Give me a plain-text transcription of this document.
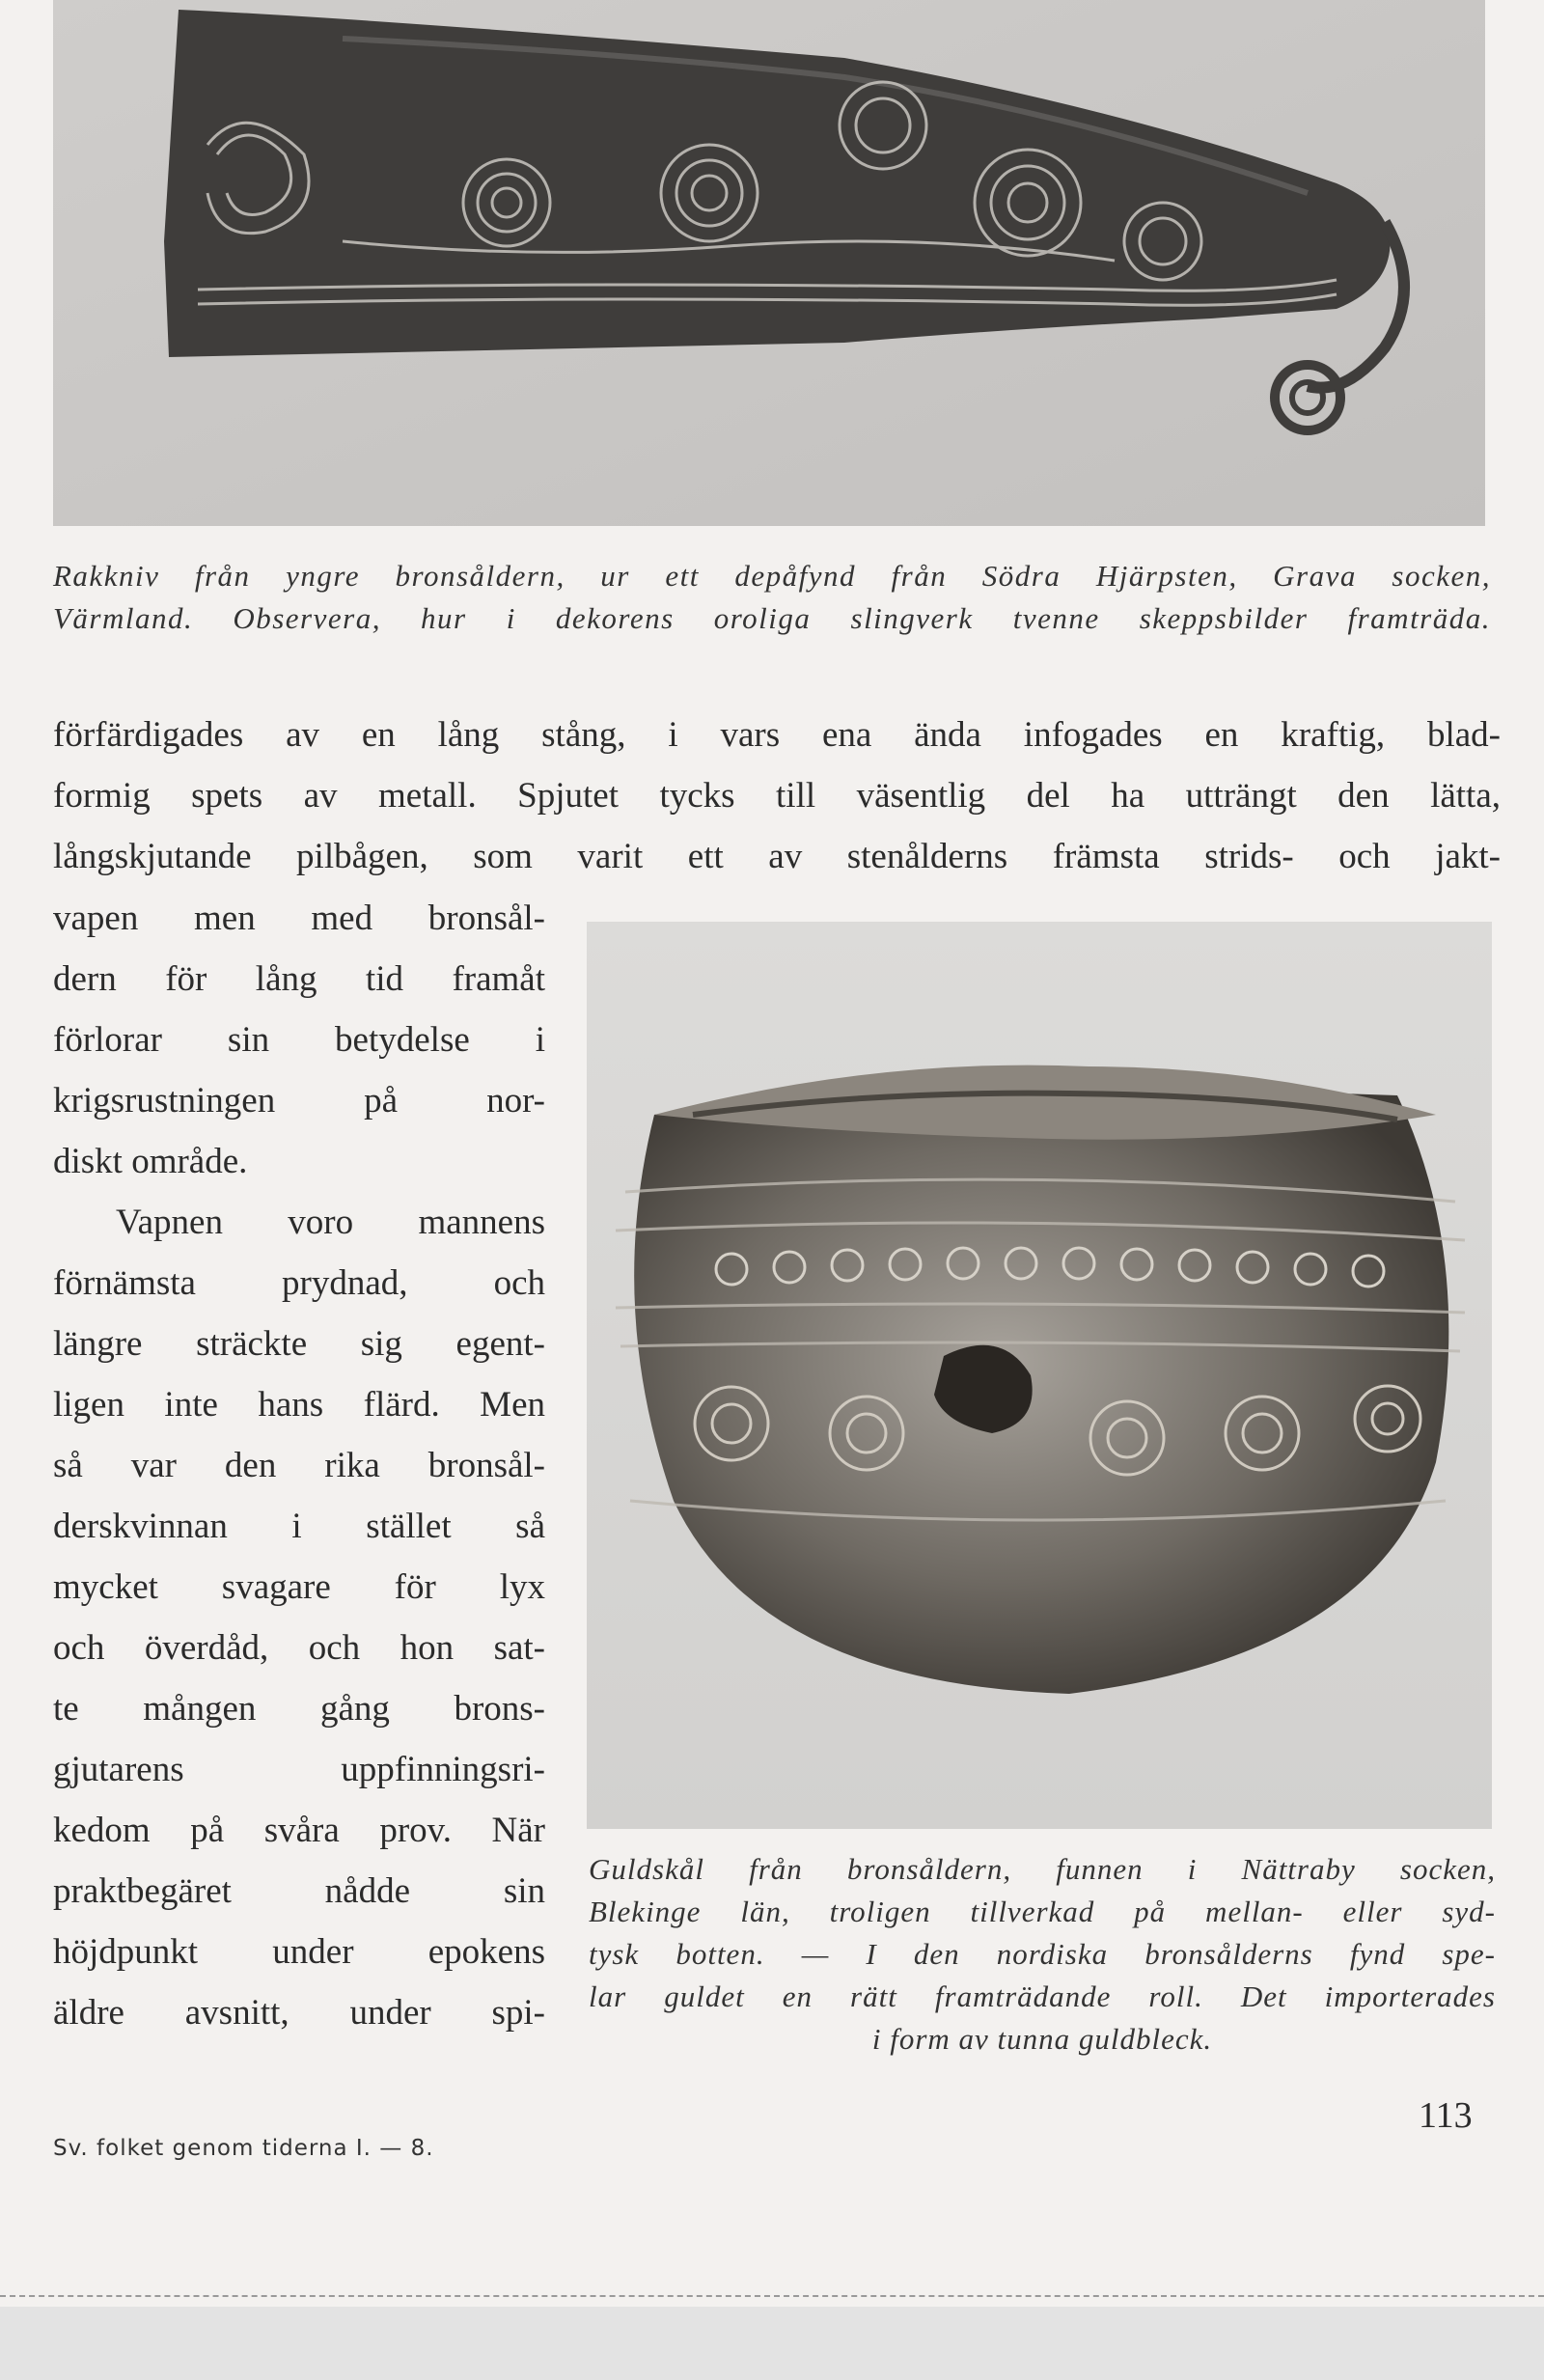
Rakkniv från yngre bronsåldern, ur ett depåfynd från Södra Hjärpsten, Grava socken,
Värmland. Observera, hur i dekorens oroliga slingverk tvenne skeppsbilder framträda.
förfärdigades av en lång stång, i vars ena ända infogades en kraftig, blad-
formig spets av metall. Spjutet tycks till väsentlig del ha utträngt den lätta,
långskjutande pilbågen, som varit ett av stenålderns främsta strids- och jakt-
vapen men med bronsål-
dern för lång tid framåt
förlorar sin betydelse i
krigsrustningen på nor-
diskt område.
Vapnen voro mannens
förnämsta prydnad, och
längre sträckte sig egent-
ligen inte hans flärd. Men
så var den rika bronsål-
derskvinnan i stället så
mycket svagare för lyx
och överdåd, och hon sat-
te mången gång brons-
gjutarens uppfinningsri-
kedom på svåra prov. När
praktbegäret nådde sin
höjdpunkt under epokens
äldre avsnitt, under spi-
Guldskål från bronsåldern, funnen i Nättraby socken,
Blekinge län, troligen tillverkad på mellan- eller syd-
tysk botten. — I den nordiska bronsålderns fynd spe-
lar guldet en rätt framträdande roll. Det importerades
i form av tunna guldbleck.
Sv. folket genom tiderna I. — 8.
113
